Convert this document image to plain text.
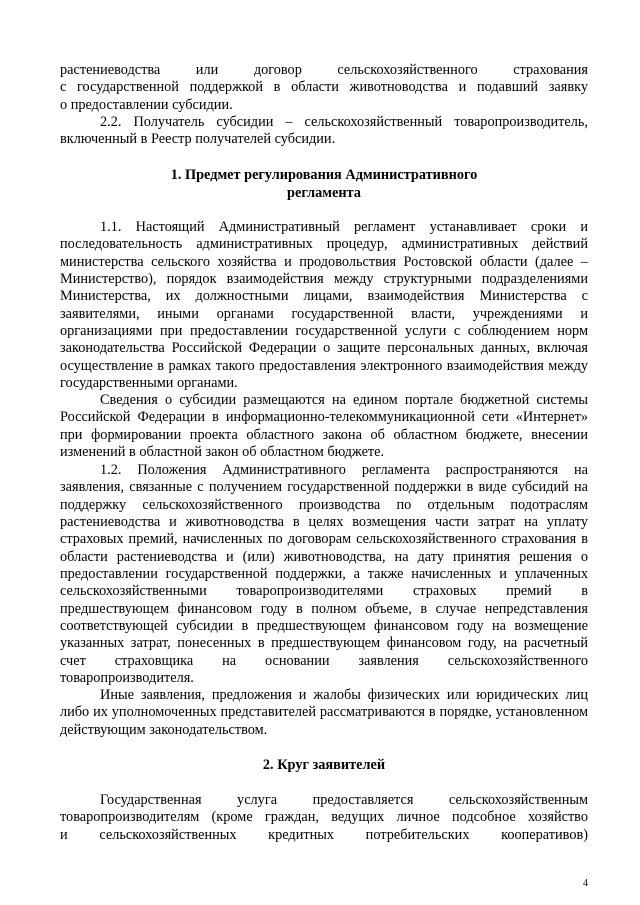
растениеводства или договор сельскохозяйственного страхования
с государственной поддержкой в области животноводства и подавший заявку
о предоставлении субсидии.

2.2. Получатель субсидии – сельскохозяйственный товаропроизводитель, включенный в Реестр получателей субсидии.

1. Предмет регулирования Административного

регламента

1.1. Настоящий Административный регламент устанавливает сроки и последовательность административных процедур, административных действий министерства сельского хозяйства и продовольствия Ростовской области (далее – Министерство), порядок взаимодействия между структурными подразделениями Министерства, их должностными лицами, взаимодействия Министерства с заявителями, иными органами государственной власти, учреждениями и организациями при предоставлении государственной услуги с соблюдением норм законодательства Российской Федерации о защите персональных данных, включая осуществление в рамках такого предоставления электронного взаимодействия между государственными органами.

Сведения о субсидии размещаются на едином портале бюджетной системы Российской Федерации в информационно-телекоммуникационной сети «Интернет» при формировании проекта областного закона об областном бюджете, внесении изменений в областной закон об областном бюджете.

1.2. Положения Административного регламента распространяются на заявления, связанные с получением государственной поддержки в виде субсидий на поддержку сельскохозяйственного производства по отдельным подотраслям растениеводства и животноводства в целях возмещения части затрат на уплату страховых премий, начисленных по договорам сельскохозяйственного страхования в области растениеводства и (или) животноводства, на дату принятия решения о предоставлении государственной поддержки, а также начисленных и уплаченных сельскохозяйственными товаропроизводителями страховых премий в предшествующем финансовом году в полном объеме, в случае непредставления соответствующей субсидии в предшествующем финансовом году на возмещение указанных затрат, понесенных в предшествующем финансовом году, на расчетный счет страховщика на основании заявления сельскохозяйственного товаропроизводителя.

Иные заявления, предложения и жалобы физических или юридических лиц либо их уполномоченных представителей рассматриваются в порядке, установленном действующим законодательством.

2. Круг заявителей

Государственная услуга предоставляется сельскохозяйственным
товаропроизводителям (кроме граждан, ведущих личное подсобное хозяйство
и сельскохозяйственных кредитных потребительских кооперативов)
4
